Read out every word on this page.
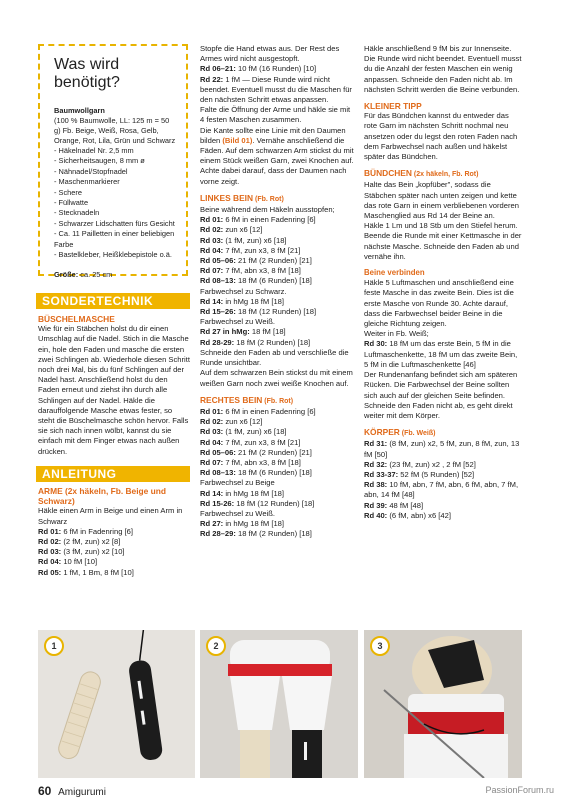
Was wird benötigt?
Baumwollgarn
(100 % Baumwolle, LL: 125 m = 50 g) Fb. Beige, Weiß, Rosa, Gelb, Orange, Rot, Lila, Grün und Schwarz
- Häkelnadel Nr. 2,5 mm
- Sicherheitsaugen, 8 mm ø
- Nähnadel/Stopfnadel
- Maschenmarkierer
- Schere
- Füllwatte
- Stecknadeln
- Schwarzer Lidschatten fürs Gesicht
- Ca. 11 Pailletten in einer beliebigen Farbe
- Bastelkleber, Heißklebepistole o.ä.
Größe: ca. 25 cm
SONDERTECHNIK
BÜSCHELMASCHE

Wie für ein Stäbchen holst du dir einen Umschlag auf die Nadel. Stich in die Masche ein, hole den Faden und masche die ersten zwei Schlingen ab. Wiederhole diesen Schritt noch drei Mal, bis du fünf Schlingen auf der Nadel hast. Anschließend holst du den Faden erneut und ziehst ihn durch alle Schlingen auf der Nadel. Häkle die darauffolgende Masche etwas fester, so steht die Büschelmasche schön hervor. Falls sie sich nach innen wölbt, kannst du sie einfach mit dem Finger etwas nach außen drücken.

ANLEITUNG
ARME (2x häkeln, Fb. Beige und Schwarz)

Häkle einen Arm in Beige und einen Arm in Schwarz

Rd 01: 6 fM in Fadenring [6]

Rd 02: (2 fM, zun) x2 [8]

Rd 03: (3 fM, zun) x2 [10]

Rd 04: 10 fM [10]

Rd 05: 1 fM, 1 Bm, 8 fM [10]

Stopfe die Hand etwas aus. Der Rest des Armes wird nicht ausgestopft.

Rd 06–21: 10 fM (16 Runden) [10]

Rd 22: 1 fM — Diese Runde wird nicht beendet. Eventuell musst du die Maschen für den nächsten Schritt etwas anpassen.

Falte die Öffnung der Arme und häkle sie mit 4 festen Maschen zusammen.

Die Kante sollte eine Linie mit den Daumen bilden (Bild 01). Vernähe anschließend die Fäden. Auf dem schwarzen Arm stickst du mit einem Stück weißen Garn, zwei Knochen auf. Achte dabei darauf, dass der Daumen nach vorne zeigt.

LINKES BEIN (Fb. Rot)

Beine während dem Häkeln ausstopfen;

Rd 01: 6 fM in einen Fadenring [6]

Rd 02: zun x6 [12]

Rd 03: (1 fM, zun) x6 [18]

Rd 04: 7 fM, zun x3, 8 fM [21]

Rd 05–06: 21 fM (2 Runden) [21]

Rd 07: 7 fM, abn x3, 8 fM [18]

Rd 08–13: 18 fM (6 Runden) [18]

Farbwechsel zu Schwarz.

Rd 14: in hMg 18 fM [18]

Rd 15–26: 18 fM (12 Runden) [18]

Farbwechsel zu Weiß.

Rd 27 in hMg: 18 fM [18]

Rd 28-29: 18 fM (2 Runden) [18]

Schneide den Faden ab und verschließe die Runde unsichtbar.

Auf dem schwarzen Bein stickst du mit einem weißen Garn noch zwei weiße Knochen auf.

RECHTES BEIN (Fb. Rot)

Rd 01: 6 fM in einen Fadenring [6]

Rd 02: zun x6 [12]

Rd 03: (1 fM, zun) x6 [18]

Rd 04: 7 fM, zun x3, 8 fM [21]

Rd 05–06: 21 fM (2 Runden) [21]

Rd 07: 7 fM, abn x3, 8 fM [18]

Rd 08–13: 18 fM (6 Runden) [18]

Farbwechsel zu Beige

Rd 14: in hMg 18 fM [18]

Rd 15-26: 18 fM (12 Runden) [18]

Farbwechsel zu Weiß.

Rd 27: in hMg 18 fM [18]

Rd 28–29: 18 fM (2 Runden) [18]

Häkle anschließend 9 fM bis zur Innenseite. Die Runde wird nicht beendet. Eventuell musst du die Anzahl der festen Maschen ein wenig anpassen. Schneide den Faden nicht ab. Im nächsten Schritt werden die Beine verbunden.

KLEINER TIPP

Für das Bündchen kannst du entweder das rote Garn im nächsten Schritt nochmal neu ansetzen oder du legst den roten Faden nach dem Farbwechsel nach außen und häkelst später das Bündchen.

BÜNDCHEN (2x häkeln, Fb. Rot)

Halte das Bein „kopfüber", sodass die Stäbchen später nach unten zeigen und kette das rote Garn in einem verbliebenen vorderen Maschenglied aus Rd 14 der Beine an.

Häkle 1 Lm und 18 Stb um den Stiefel herum. Beende die Runde mit einer Kettmasche in der nächste Masche. Schneide den Faden ab und vernähe ihn.

Beine verbinden

Häkle 5 Luftmaschen und anschließend eine feste Masche in das zweite Bein. Dies ist die erste Masche von Runde 30. Achte darauf, dass die Farbwechsel beider Beine in die gleiche Richtung zeigen.

Weiter in Fb. Weiß;

Rd 30: 18 fM um das erste Bein, 5 fM in die Luftmaschenkette, 18 fM um das zweite Bein, 5 fM in die Luftmaschenkette [46]

Der Rundenanfang befindet sich am späteren Rücken. Die Farbwechsel der Beine sollten sich auch auf der gleichen Seite befinden. Schneide den Faden nicht ab, es geht direkt weiter mit dem Körper.

KÖRPER (Fb. Weiß)

Rd 31: (8 fM, zun) x2, 5 fM, zun, 8 fM, zun, 13 fM [50]

Rd 32: (23 fM, zun) x2 , 2 fM [52]

Rd 33-37: 52 fM (5 Runden) [52]

Rd 38: 10 fM, abn, 7 fM, abn, 6 fM, abn, 7 fM, abn, 14 fM [48]

Rd 39: 48 fM [48]

Rd 40: (6 fM, abn) x6 [42]

1	2	3
60 Amigurumi	PassionForum.ru
